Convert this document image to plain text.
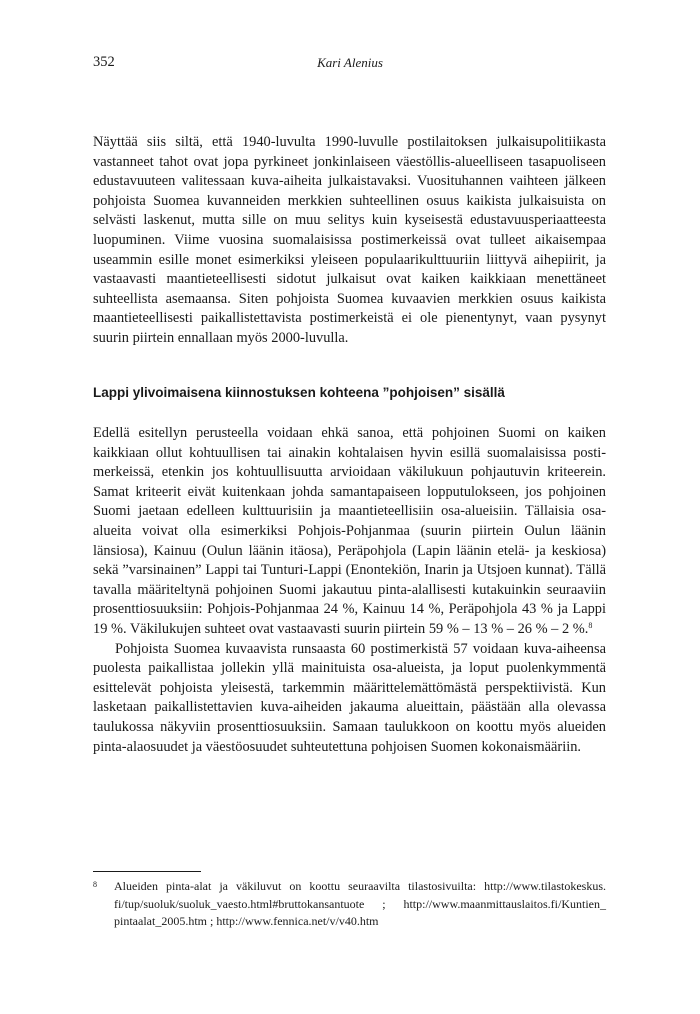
352	Kari Alenius

Näyttää siis siltä, että 1940-luvulta 1990-luvulle postilaitoksen julkaisupolitiikasta vastanneet tahot ovat jopa pyrkineet jonkinlaiseen väestöllis-alueelliseen tasapuoliseen edustavuuteen valitessaan kuva-aiheita julkaistavaksi. Vuosituhannen vaihteen jälkeen pohjoista Suomea kuvanneiden merkkien suhteellinen osuus kaikista julkaisuista on selvästi laskenut, mutta sille on muu selitys kuin kyseisestä edustavuusperiaatteesta luopuminen. Viime vuosina suomalaisissa postimerkeissä ovat tulleet aikaisempaa useammin esille monet esimerkiksi yleiseen populaarikulttuuriin liittyvä aihepiirit, ja vastaavasti maantieteellisesti sidotut julkaisut ovat kaiken kaikkiaan menettäneet suhteellista asemaansa. Siten pohjoista Suomea kuvaavien merkkien osuus kaikista maantieteellisesti paikallistettavista postimerkeistä ei ole pienentynyt, vaan pysynyt suurin piirtein ennallaan myös 2000-luvulla.

Lappi ylivoimaisena kiinnostuksen kohteena ”pohjoisen” sisällä

Edellä esitellyn perusteella voidaan ehkä sanoa, että pohjoinen Suomi on kaiken kaikkiaan ollut kohtuullisen tai ainakin kohtalaisen hyvin esillä suomalaisissa postimerkeissä, etenkin jos kohtuullisuutta arvioidaan väkilukuun pohjautuvin kriteerein. Samat kriteerit eivät kuitenkaan johda samantapaiseen lopputulokseen, jos pohjoinen Suomi jaetaan edelleen kulttuurisiin ja maantieteellisiin osa-alueisiin. Tällaisia osa-alueita voivat olla esimerkiksi Pohjois-Pohjanmaa (suurin piirtein Oulun läänin länsiosa), Kainuu (Oulun läänin itäosa), Peräpohjola (Lapin läänin etelä- ja keskiosa) sekä ”varsinainen” Lappi tai Tunturi-Lappi (Enontekiön, Inarin ja Utsjoen kunnat). Tällä tavalla määriteltynä pohjoinen Suomi jakautuu pinta-alallisesti kutakuinkin seuraaviin prosenttiosuuksiin: Pohjois-Pohjanmaa 24 %, Kainuu 14 %, Peräpohjola 43 % ja Lappi 19 %. Väkilukujen suhteet ovat vastaavasti suurin piirtein 59 % – 13 % – 26 % – 2 %.$^8$

Pohjoista Suomea kuvaavista runsaasta 60 postimerkistä 57 voidaan kuva-aiheensa puolesta paikallistaa jollekin yllä mainituista osa-alueista, ja loput puolenkymmentä esittelevät pohjoista yleisestä, tarkemmin määrittelemättömästä perspektiivistä. Kun lasketaan paikallistettavien kuva-aiheiden jakauma alueittain, päästään alla olevassa taulukossa näkyviin prosenttiosuuksiin. Samaan taulukkoon on koottu myös alueiden pinta-alaosuudet ja väestöosuudet suhteutettuna pohjoisen Suomen kokonaismääriin.

8 Alueiden pinta-alat ja väkiluvut on koottu seuraavilta tilastosivuilta: http://www.tilastokeskus.​fi/tup/suoluk/suoluk_vaesto.html#bruttokansantuote ; http://www.maanmittauslaitos.fi/Kuntien_​pintaalat_2005.htm ; http://www.fennica.net/v/v40.htm
